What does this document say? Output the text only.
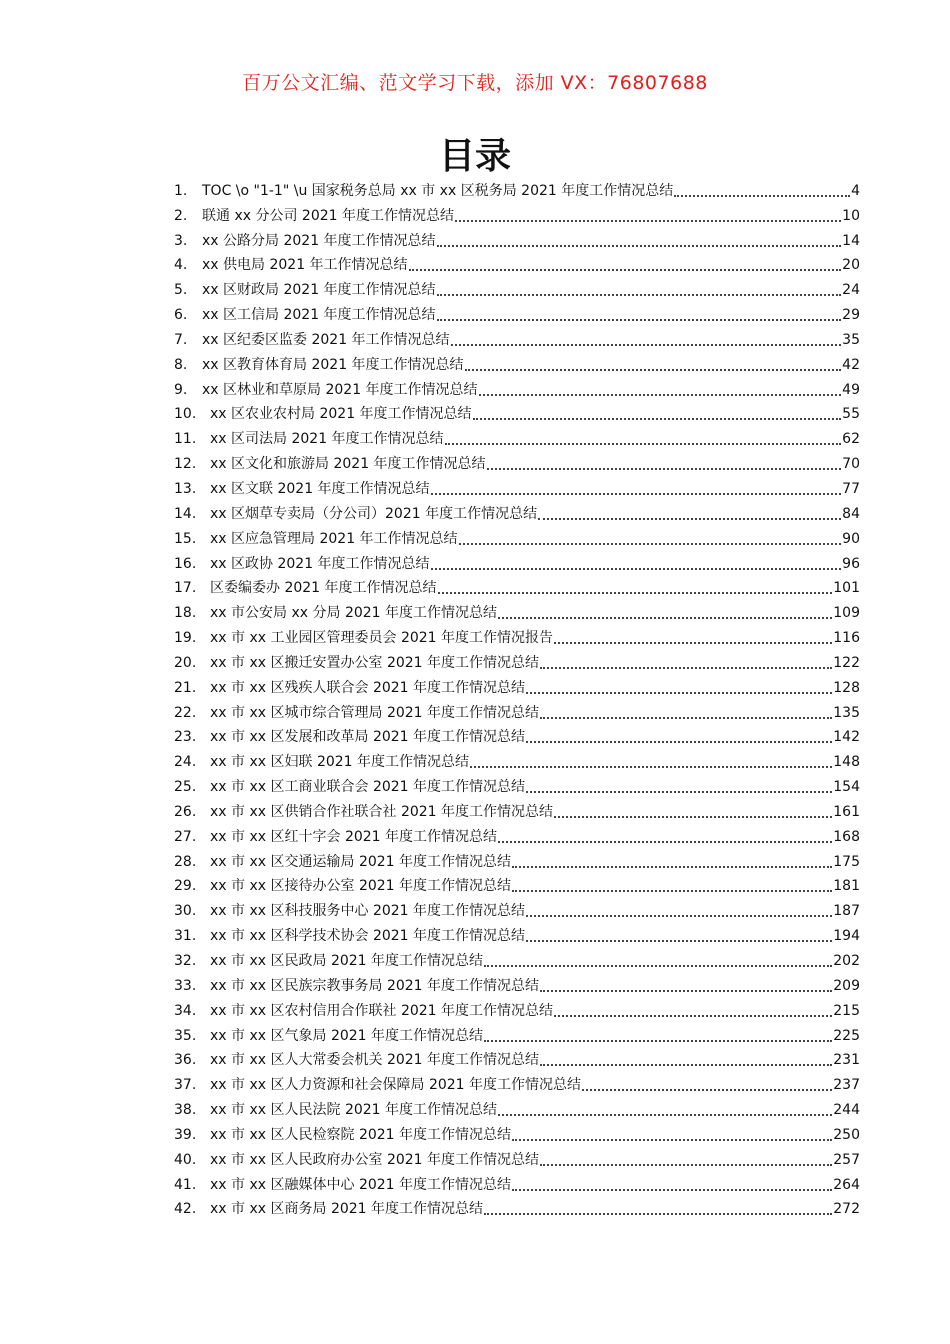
百万公文汇编、范文学习下载，添加 VX：76807688
目录
1.	TOC \o "1-1" \u 国家税务总局 xx 市 xx 区税务局 2021 年度工作情况总结	4
2.	联通 xx 分公司 2021 年度工作情况总结	10
3.	xx 公路分局 2021 年度工作情况总结	14
4.	xx 供电局 2021 年工作情况总结	20
5.	xx 区财政局 2021 年度工作情况总结	24
6.	xx 区工信局 2021 年度工作情况总结	29
7.	xx 区纪委区监委 2021 年工作情况总结	35
8.	xx 区教育体育局 2021 年度工作情况总结	42
9.	xx 区林业和草原局 2021 年度工作情况总结	49
10. xx 区农业农村局 2021 年度工作情况总结	55
11. xx 区司法局 2021 年度工作情况总结	62
12. xx 区文化和旅游局 2021 年度工作情况总结	70
13. xx 区文联 2021 年度工作情况总结	77
14. xx 区烟草专卖局（分公司）2021 年度工作情况总结	84
15. xx 区应急管理局 2021 年工作情况总结	90
16. xx 区政协 2021 年度工作情况总结	96
17. 区委编委办 2021 年度工作情况总结	101
18. xx 市公安局 xx 分局 2021 年度工作情况总结	109
19. xx 市 xx 工业园区管理委员会 2021 年度工作情况报告	116
20. xx 市 xx 区搬迁安置办公室 2021 年度工作情况总结	122
21. xx 市 xx 区残疾人联合会 2021 年度工作情况总结	128
22. xx 市 xx 区城市综合管理局 2021 年度工作情况总结	135
23. xx 市 xx 区发展和改革局 2021 年度工作情况总结	142
24. xx 市 xx 区妇联 2021 年度工作情况总结	148
25. xx 市 xx 区工商业联合会 2021 年度工作情况总结	154
26. xx 市 xx 区供销合作社联合社 2021 年度工作情况总结	161
27. xx 市 xx 区红十字会 2021 年度工作情况总结	168
28. xx 市 xx 区交通运输局 2021 年度工作情况总结	175
29. xx 市 xx 区接待办公室 2021 年度工作情况总结	181
30. xx 市 xx 区科技服务中心 2021 年度工作情况总结	187
31. xx 市 xx 区科学技术协会 2021 年度工作情况总结	194
32. xx 市 xx 区民政局 2021 年度工作情况总结	202
33. xx 市 xx 区民族宗教事务局 2021 年度工作情况总结	209
34. xx 市 xx 区农村信用合作联社 2021 年度工作情况总结	215
35. xx 市 xx 区气象局 2021 年度工作情况总结	225
36. xx 市 xx 区人大常委会机关 2021 年度工作情况总结	231
37. xx 市 xx 区人力资源和社会保障局 2021 年度工作情况总结	237
38. xx 市 xx 区人民法院 2021 年度工作情况总结	244
39. xx 市 xx 区人民检察院 2021 年度工作情况总结	250
40. xx 市 xx 区人民政府办公室 2021 年度工作情况总结	257
41. xx 市 xx 区融媒体中心 2021 年度工作情况总结	264
42. xx 市 xx 区商务局 2021 年度工作情况总结	272
